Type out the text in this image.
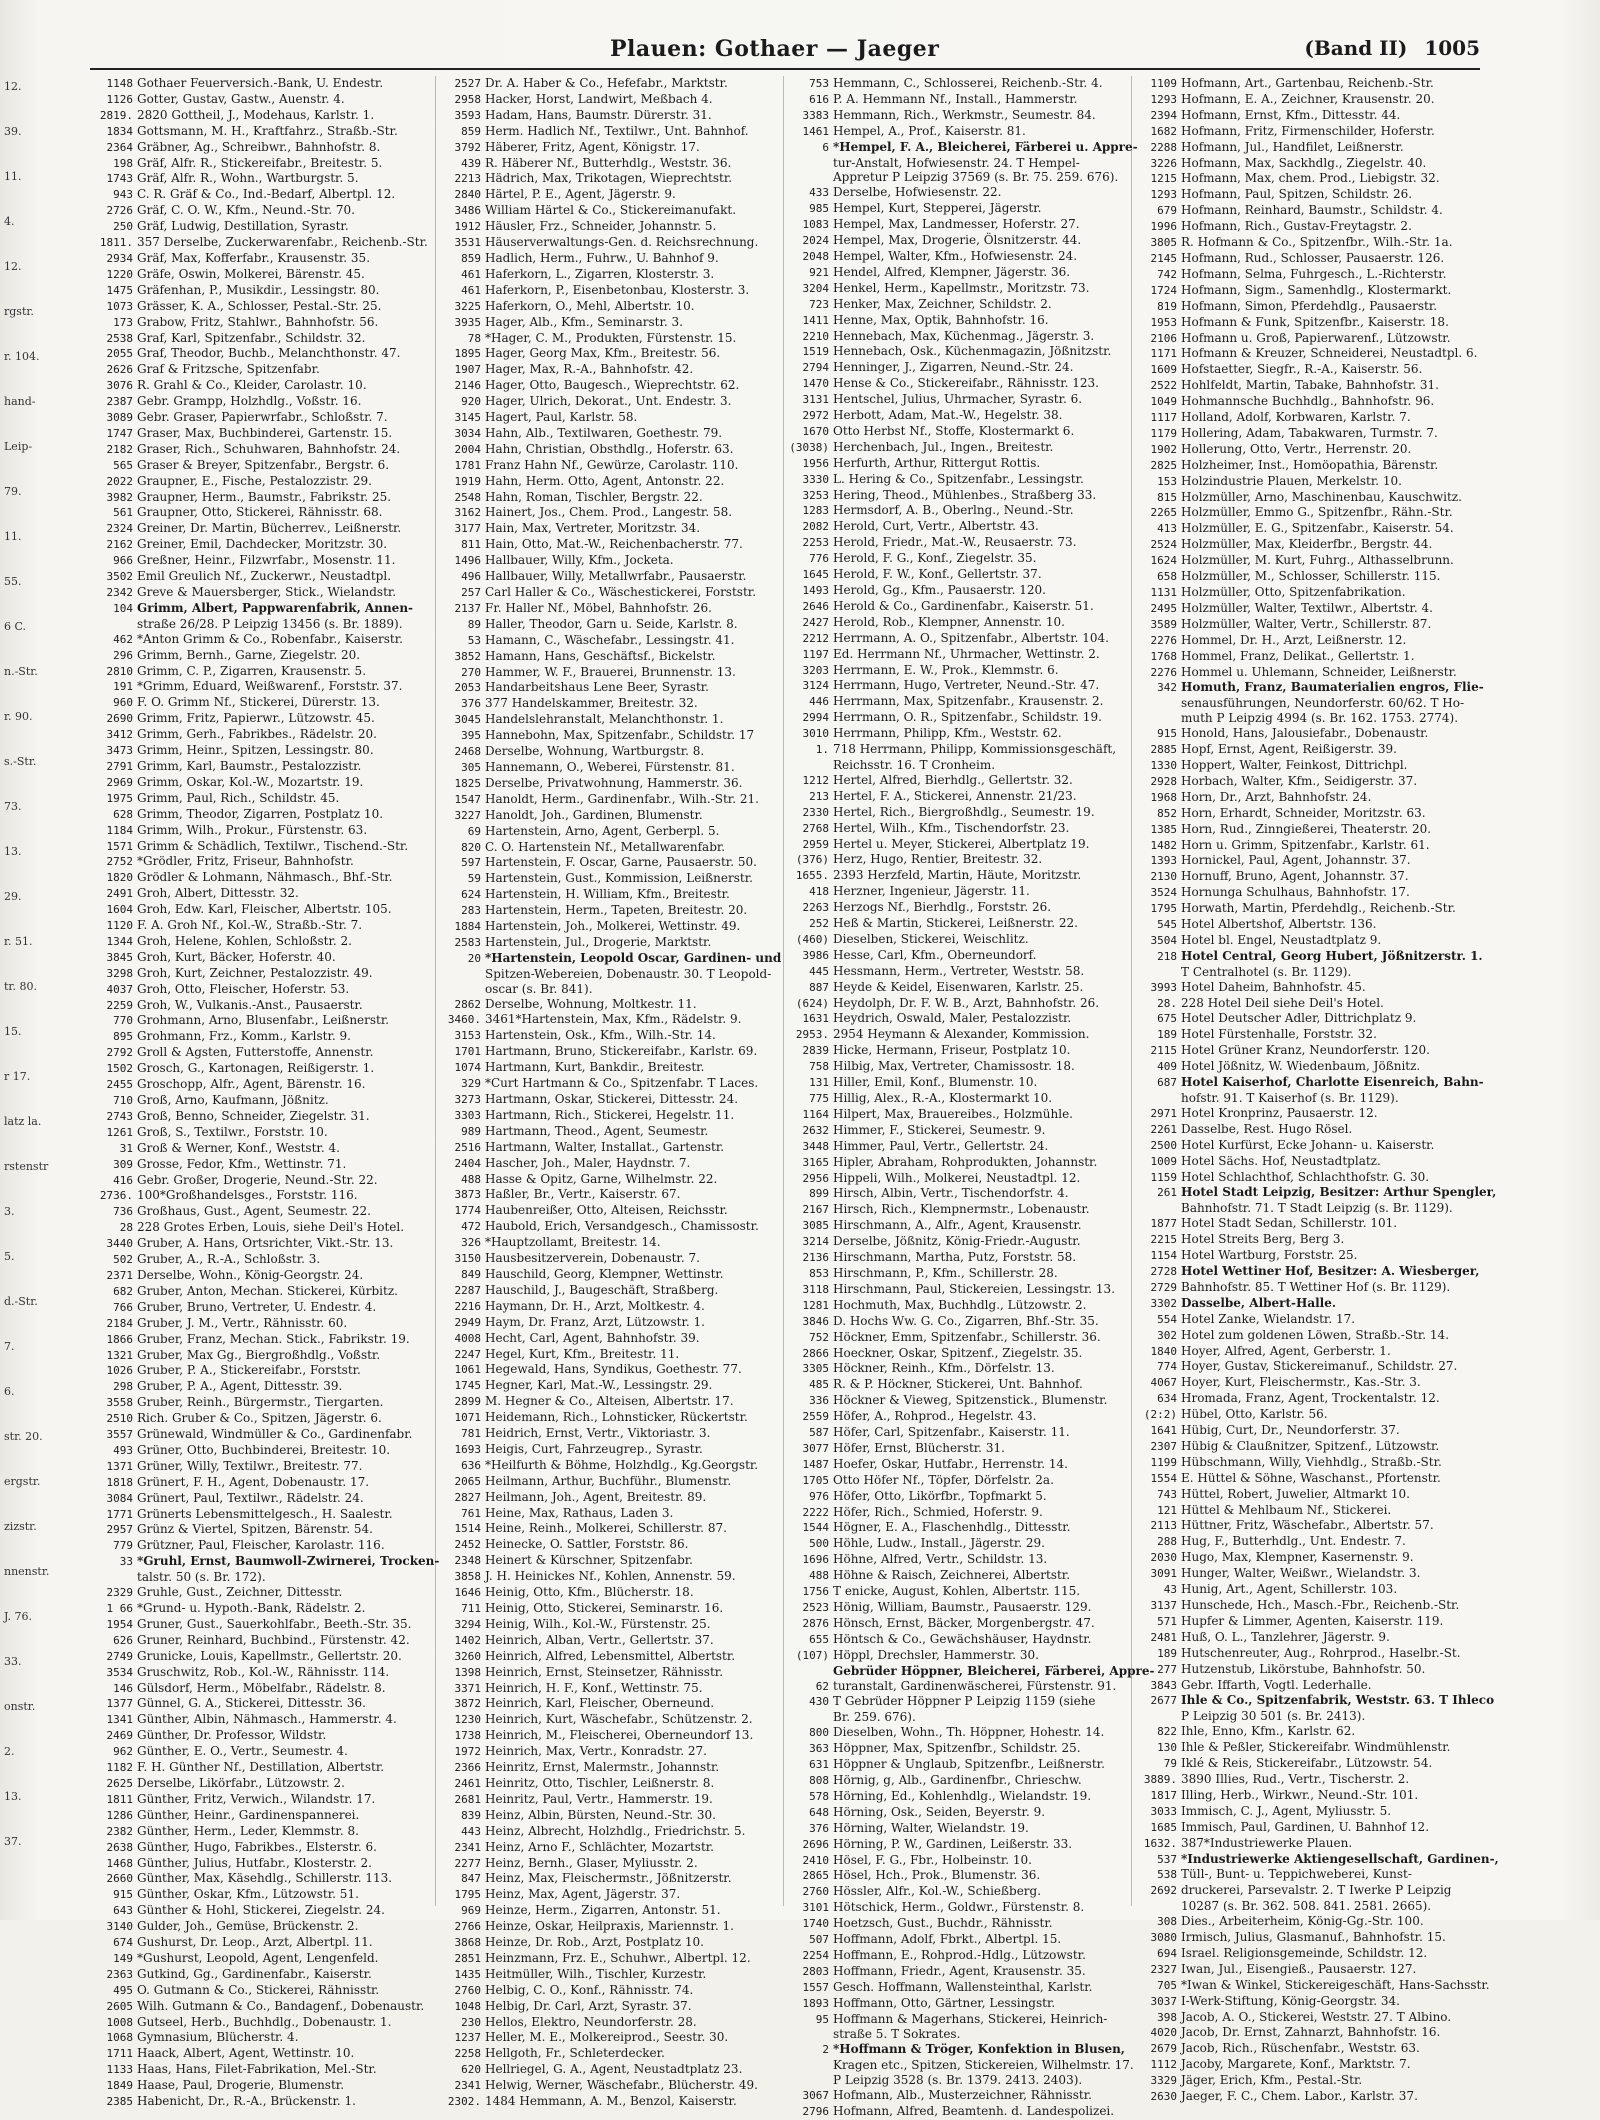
Plauen: Gothaer — Jaeger	(Band II) 1005
12.
39.
11.
4.
12.
rgstr.
r. 104.
hand-
Leip-
79.
11.
55.
6 C.
n.-Str.
r. 90.
s.-Str.
73.
13.
29.
r. 51.
tr. 80.
15.
r 17.
latz la.
rstenstr
3.
5.
d.-Str.
7.
6.
str. 20.
ergstr.
zizstr.
nnenstr.
J. 76.
33.
onstr.
2.
13.
37.
1148 Gothaer Feuerversich.-Bank, U. Endestr.
1126 Gotter, Gustav, Gastw., Auenstr. 4.
2819. 2820 Gottheil, J., Modehaus, Karlstr. 1.
1834 Gottsmann, M. H., Kraftfahrz., Straßb.-Str.
2364 Gräbner, Ag., Schreibwr., Bahnhofstr. 8.
198 Gräf, Alfr. R., Stickereifabr., Breitestr. 5.
1743 Gräf, Alfr. R., Wohn., Wartburgstr. 5.
943 C. R. Gräf & Co., Ind.-Bedarf, Albertpl. 12.
2726 Gräf, C. O. W., Kfm., Neund.-Str. 70.
250 Gräf, Ludwig, Destillation, Syrastr.
1811. 357 Derselbe, Zuckerwarenfabr., Reichenb.-Str.
2934 Gräf, Max, Kofferfabr., Krausenstr. 35.
1220 Gräfe, Oswin, Molkerei, Bärenstr. 45.
1475 Gräfenhan, P., Musikdir., Lessingstr. 80.
1073 Grässer, K. A., Schlosser, Pestal.-Str. 25.
173 Grabow, Fritz, Stahlwr., Bahnhofstr. 56.
2538 Graf, Karl, Spitzenfabr., Schildstr. 32.
2055 Graf, Theodor, Buchb., Melanchthonstr. 47.
2626 Graf & Fritzsche, Spitzenfabr.
3076 R. Grahl & Co., Kleider, Carolastr. 10.
2387 Gebr. Grampp, Holzhdlg., Voßstr. 16.
3089 Gebr. Graser, Papierwrfabr., Schloßstr. 7.
1747 Graser, Max, Buchbinderei, Gartenstr. 15.
2182 Graser, Rich., Schuhwaren, Bahnhofstr. 24.
565 Graser & Breyer, Spitzenfabr., Bergstr. 6.
2022 Graupner, E., Fische, Pestalozzistr. 29.
3982 Graupner, Herm., Baumstr., Fabrikstr. 25.
561 Graupner, Otto, Stickerei, Rähnisstr. 68.
2324 Greiner, Dr. Martin, Bücherrev., Leißnerstr.
2162 Greiner, Emil, Dachdecker, Moritzstr. 30.
966 Greßner, Heinr., Filzwrfabr., Mosenstr. 11.
3502 Emil Greulich Nf., Zuckerwr., Neustadtpl.
2342 Greve & Mauersberger, Stick., Wielandstr.
104 Grimm, Albert, Pappwarenfabrik, Annen-
straße 26/28. P Leipzig 13456 (s. Br. 1889).
462 *Anton Grimm & Co., Robenfabr., Kaiserstr.
296 Grimm, Bernh., Garne, Ziegelstr. 20.
2810 Grimm, C. P., Zigarren, Krausenstr. 5.
191 *Grimm, Eduard, Weißwarenf., Forststr. 37.
960 F. O. Grimm Nf., Stickerei, Dürerstr. 13.
2690 Grimm, Fritz, Papierwr., Lützowstr. 45.
3412 Grimm, Gerh., Fabrikbes., Rädelstr. 20.
3473 Grimm, Heinr., Spitzen, Lessingstr. 80.
2791 Grimm, Karl, Baumstr., Pestalozzistr.
2969 Grimm, Oskar, Kol.-W., Mozartstr. 19.
1975 Grimm, Paul, Rich., Schildstr. 45.
628 Grimm, Theodor, Zigarren, Postplatz 10.
1184 Grimm, Wilh., Prokur., Fürstenstr. 63.
1571 Grimm & Schädlich, Textilwr., Tischend.-Str.
2752 *Grödler, Fritz, Friseur, Bahnhofstr.
1820 Grödler & Lohmann, Nähmasch., Bhf.-Str.
2491 Groh, Albert, Dittesstr. 32.
1604 Groh, Edw. Karl, Fleischer, Albertstr. 105.
1120 F. A. Groh Nf., Kol.-W., Straßb.-Str. 7.
1344 Groh, Helene, Kohlen, Schloßstr. 2.
3845 Groh, Kurt, Bäcker, Hoferstr. 40.
3298 Groh, Kurt, Zeichner, Pestalozzistr. 49.
4037 Groh, Otto, Fleischer, Hoferstr. 53.
2259 Groh, W., Vulkanis.-Anst., Pausaerstr.
770 Grohmann, Arno, Blusenfabr., Leißnerstr.
895 Grohmann, Frz., Komm., Karlstr. 9.
2792 Groll & Agsten, Futterstoffe, Annenstr.
1502 Grosch, G., Kartonagen, Reißigerstr. 1.
2455 Groschopp, Alfr., Agent, Bärenstr. 16.
710 Groß, Arno, Kaufmann, Jößnitz.
2743 Groß, Benno, Schneider, Ziegelstr. 31.
1261 Groß, S., Textilwr., Forststr. 10.
31 Groß & Werner, Konf., Weststr. 4.
309 Grosse, Fedor, Kfm., Wettinstr. 71.
416 Gebr. Großer, Drogerie, Neund.-Str. 22.
2736. 100*Großhandelsges., Forststr. 116.
736 Großhaus, Gust., Agent, Seumestr. 22.
28 228 Grotes Erben, Louis, siehe Deil's Hotel.
3440 Gruber, A. Hans, Ortsrichter, Vikt.-Str. 13.
502 Gruber, A., R.-A., Schloßstr. 3.
2371 Derselbe, Wohn., König-Georgstr. 24.
682 Gruber, Anton, Mechan. Stickerei, Kürbitz.
766 Gruber, Bruno, Vertreter, U. Endestr. 4.
2184 Gruber, J. M., Vertr., Rähnisstr. 60.
1866 Gruber, Franz, Mechan. Stick., Fabrikstr. 19.
1321 Gruber, Max Gg., Biergroßhdlg., Voßstr.
1026 Gruber, P. A., Stickereifabr., Forststr.
298 Gruber, P. A., Agent, Dittesstr. 39.
3558 Gruber, Reinh., Bürgermstr., Tiergarten.
2510 Rich. Gruber & Co., Spitzen, Jägerstr. 6.
3557 Grünewald, Windmüller & Co., Gardinenfabr.
493 Grüner, Otto, Buchbinderei, Breitestr. 10.
1371 Grüner, Willy, Textilwr., Breitestr. 77.
1818 Grünert, F. H., Agent, Dobenaustr. 17.
3084 Grünert, Paul, Textilwr., Rädelstr. 24.
1771 Grünerts Lebensmittelgesch., H. Saalestr.
2957 Grünz & Viertel, Spitzen, Bärenstr. 54.
779 Grützner, Paul, Fleischer, Karolastr. 116.
33 *Gruhl, Ernst, Baumwoll-Zwirnerei, Trocken-
talstr. 50 (s. Br. 172).
2329 Gruhle, Gust., Zeichner, Dittesstr.
1 66 *Grund- u. Hypoth.-Bank, Rädelstr. 2.
1954 Gruner, Gust., Sauerkohlfabr., Beeth.-Str. 35.
626 Gruner, Reinhard, Buchbind., Fürstenstr. 42.
2749 Grunicke, Louis, Kapellmstr., Gellertstr. 20.
3534 Gruschwitz, Rob., Kol.-W., Rähnisstr. 114.
146 Gülsdorf, Herm., Möbelfabr., Rädelstr. 8.
1377 Günnel, G. A., Stickerei, Dittesstr. 36.
1341 Günther, Albin, Nähmasch., Hammerstr. 4.
2469 Günther, Dr. Professor, Wildstr.
962 Günther, E. O., Vertr., Seumestr. 4.
1182 F. H. Günther Nf., Destillation, Albertstr.
2625 Derselbe, Likörfabr., Lützowstr. 2.
1811 Günther, Fritz, Verwich., Wilandstr. 17.
1286 Günther, Heinr., Gardinenspannerei.
2382 Günther, Herm., Leder, Klemmstr. 8.
2638 Günther, Hugo, Fabrikbes., Elsterstr. 6.
1468 Günther, Julius, Hutfabr., Klosterstr. 2.
2660 Günther, Max, Käsehdlg., Schillerstr. 113.
915 Günther, Oskar, Kfm., Lützowstr. 51.
643 Günther & Hohl, Stickerei, Ziegelstr. 24.
3140 Gulder, Joh., Gemüse, Brückenstr. 2.
674 Gushurst, Dr. Leop., Arzt, Albertpl. 11.
149 *Gushurst, Leopold, Agent, Lengenfeld.
2363 Gutkind, Gg., Gardinenfabr., Kaiserstr.
495 O. Gutmann & Co., Stickerei, Rähnisstr.
2605 Wilh. Gutmann & Co., Bandagenf., Dobenaustr.
1008 Gutseel, Herb., Buchhdlg., Dobenaustr. 1.
1068 Gymnasium, Blücherstr. 4.
1711 Haack, Albert, Agent, Wettinstr. 10.
1133 Haas, Hans, Filet-Fabrikation, Mel.-Str.
1849 Haase, Paul, Drogerie, Blumenstr.
2385 Habenicht, Dr., R.-A., Brückenstr. 1.
2527 Dr. A. Haber & Co., Hefefabr., Marktstr.
2958 Hacker, Horst, Landwirt, Meßbach 4.
3593 Hadam, Hans, Baumstr. Dürerstr. 31.
859 Herm. Hadlich Nf., Textilwr., Unt. Bahnhof.
3792 Häberer, Fritz, Agent, Königstr. 17.
439 R. Häberer Nf., Butterhdlg., Weststr. 36.
2213 Hädrich, Max, Trikotagen, Wieprechtstr.
2840 Härtel, P. E., Agent, Jägerstr. 9.
3486 William Härtel & Co., Stickereimanufakt.
1912 Häusler, Frz., Schneider, Johannstr. 5.
3531 Häuserverwaltungs-Gen. d. Reichsrechnung.
859 Hadlich, Herm., Fuhrw., U. Bahnhof 9.
461 Haferkorn, L., Zigarren, Klosterstr. 3.
461 Haferkorn, P., Eisenbetonbau, Klosterstr. 3.
3225 Haferkorn, O., Mehl, Albertstr. 10.
3935 Hager, Alb., Kfm., Seminarstr. 3.
78 *Hager, C. M., Produkten, Fürstenstr. 15.
1895 Hager, Georg Max, Kfm., Breitestr. 56.
1907 Hager, Max, R.-A., Bahnhofstr. 42.
2146 Hager, Otto, Baugesch., Wieprechtstr. 62.
920 Hager, Ulrich, Dekorat., Unt. Endestr. 3.
3145 Hagert, Paul, Karlstr. 58.
3034 Hahn, Alb., Textilwaren, Goethestr. 79.
2004 Hahn, Christian, Obsthdlg., Hoferstr. 63.
1781 Franz Hahn Nf., Gewürze, Carolastr. 110.
1919 Hahn, Herm. Otto, Agent, Antonstr. 22.
2548 Hahn, Roman, Tischler, Bergstr. 22.
3162 Hainert, Jos., Chem. Prod., Langestr. 58.
3177 Hain, Max, Vertreter, Moritzstr. 34.
811 Hain, Otto, Mat.-W., Reichenbacherstr. 77.
1496 Hallbauer, Willy, Kfm., Jocketa.
496 Hallbauer, Willy, Metallwrfabr., Pausaerstr.
257 Carl Haller & Co., Wäschestickerei, Forststr.
2137 Fr. Haller Nf., Möbel, Bahnhofstr. 26.
89 Haller, Theodor, Garn u. Seide, Karlstr. 8.
53 Hamann, C., Wäschefabr., Lessingstr. 41.
3852 Hamann, Hans, Geschäftsf., Bickelstr.
270 Hammer, W. F., Brauerei, Brunnenstr. 13.
2053 Handarbeitshaus Lene Beer, Syrastr.
376 377 Handelskammer, Breitestr. 32.
3045 Handelslehranstalt, Melanchthonstr. 1.
395 Hannebohn, Max, Spitzenfabr., Schildstr. 17
2468 Derselbe, Wohnung, Wartburgstr. 8.
305 Hannemann, O., Weberei, Fürstenstr. 81.
1825 Derselbe, Privatwohnung, Hammerstr. 36.
1547 Hanoldt, Herm., Gardinenfabr., Wilh.-Str. 21.
3227 Hanoldt, Joh., Gardinen, Blumenstr.
69 Hartenstein, Arno, Agent, Gerberpl. 5.
820 C. O. Hartenstein Nf., Metallwarenfabr.
597 Hartenstein, F. Oscar, Garne, Pausaerstr. 50.
59 Hartenstein, Gust., Kommission, Leißnerstr.
624 Hartenstein, H. William, Kfm., Breitestr.
283 Hartenstein, Herm., Tapeten, Breitestr. 20.
1884 Hartenstein, Joh., Molkerei, Wettinstr. 49.
2583 Hartenstein, Jul., Drogerie, Marktstr.
20 *Hartenstein, Leopold Oscar, Gardinen- und
Spitzen-Webereien, Dobenaustr. 30. T Leopold-
oscar (s. Br. 841).
2862 Derselbe, Wohnung, Moltkestr. 11.
3460. 3461*Hartenstein, Max, Kfm., Rädelstr. 9.
3153 Hartenstein, Osk., Kfm., Wilh.-Str. 14.
1701 Hartmann, Bruno, Stickereifabr., Karlstr. 69.
1074 Hartmann, Kurt, Bankdir., Breitestr.
329 *Curt Hartmann & Co., Spitzenfabr. T Laces.
3273 Hartmann, Oskar, Stickerei, Dittesstr. 24.
3303 Hartmann, Rich., Stickerei, Hegelstr. 11.
989 Hartmann, Theod., Agent, Seumestr.
2516 Hartmann, Walter, Installat., Gartenstr.
2404 Hascher, Joh., Maler, Haydnstr. 7.
488 Hasse & Opitz, Garne, Wilhelmstr. 22.
3873 Haßler, Br., Vertr., Kaiserstr. 67.
1774 Haubenreißer, Otto, Alteisen, Reichsstr.
472 Haubold, Erich, Versandgesch., Chamissostr.
326 *Hauptzollamt, Breitestr. 14.
3150 Hausbesitzerverein, Dobenaustr. 7.
849 Hauschild, Georg, Klempner, Wettinstr.
2287 Hauschild, J., Baugeschäft, Straßberg.
2216 Haymann, Dr. H., Arzt, Moltkestr. 4.
2949 Haym, Dr. Franz, Arzt, Lützowstr. 1.
4008 Hecht, Carl, Agent, Bahnhofstr. 39.
2247 Hegel, Kurt, Kfm., Breitestr. 11.
1061 Hegewald, Hans, Syndikus, Goethestr. 77.
1745 Hegner, Karl, Mat.-W., Lessingstr. 29.
2899 M. Hegner & Co., Alteisen, Albertstr. 17.
1071 Heidemann, Rich., Lohnsticker, Rückertstr.
781 Heidrich, Ernst, Vertr., Viktoriastr. 3.
1693 Heigis, Curt, Fahrzeugrep., Syrastr.
636 *Heilfurth & Böhme, Holzhdlg., Kg.Georgstr.
2065 Heilmann, Arthur, Buchführ., Blumenstr.
2827 Heilmann, Joh., Agent, Breitestr. 89.
761 Heine, Max, Rathaus, Laden 3.
1514 Heine, Reinh., Molkerei, Schillerstr. 87.
2452 Heinecke, O. Sattler, Forststr. 86.
2348 Heinert & Kürschner, Spitzenfabr.
3858 J. H. Heinickes Nf., Kohlen, Annenstr. 59.
1646 Heinig, Otto, Kfm., Blücherstr. 18.
711 Heinig, Otto, Stickerei, Seminarstr. 16.
3294 Heinig, Wilh., Kol.-W., Fürstenstr. 25.
1402 Heinrich, Alban, Vertr., Gellertstr. 37.
3260 Heinrich, Alfred, Lebensmittel, Albertstr.
1398 Heinrich, Ernst, Steinsetzer, Rähnisstr.
3371 Heinrich, H. F., Konf., Wettinstr. 75.
3872 Heinrich, Karl, Fleischer, Oberneund.
1230 Heinrich, Kurt, Wäschefabr., Schützenstr. 2.
1738 Heinrich, M., Fleischerei, Oberneundorf 13.
1972 Heinrich, Max, Vertr., Konradstr. 27.
2366 Heinritz, Ernst, Malermstr., Johannstr.
2461 Heinritz, Otto, Tischler, Leißnerstr. 8.
2681 Heinritz, Paul, Vertr., Hammerstr. 19.
839 Heinz, Albin, Bürsten, Neund.-Str. 30.
443 Heinz, Albrecht, Holzhdlg., Friedrichstr. 5.
2341 Heinz, Arno F., Schlächter, Mozartstr.
2277 Heinz, Bernh., Glaser, Myliusstr. 2.
847 Heinz, Max, Fleischermstr., Jößnitzerstr.
1795 Heinz, Max, Agent, Jägerstr. 37.
969 Heinze, Herm., Zigarren, Antonstr. 51.
2766 Heinze, Oskar, Heilpraxis, Mariennstr. 1.
3868 Heinze, Dr. Rob., Arzt, Postplatz 10.
2851 Heinzmann, Frz. E., Schuhwr., Albertpl. 12.
1435 Heitmüller, Wilh., Tischler, Kurzestr.
2760 Helbig, C. O., Konf., Rähnisstr. 74.
1048 Helbig, Dr. Carl, Arzt, Syrastr. 37.
230 Hellos, Elektro, Neundorferstr. 28.
1237 Heller, M. E., Molkereiprod., Seestr. 30.
2258 Hellgoth, Fr., Schleterdecker.
620 Hellriegel, G. A., Agent, Neustadtplatz 23.
2341 Helwig, Werner, Wäschefabr., Blücherstr. 49.
2302. 1484 Hemmann, A. M., Benzol, Kaiserstr.
753 Hemmann, C., Schlosserei, Reichenb.-Str. 4.
616 P. A. Hemmann Nf., Install., Hammerstr.
3383 Hemmann, Rich., Werkmstr., Seumestr. 84.
1461 Hempel, A., Prof., Kaiserstr. 81.
6 *Hempel, F. A., Bleicherei, Färberei u. Appre-
tur-Anstalt, Hofwiesenstr. 24. T Hempel-
Appretur P Leipzig 37569 (s. Br. 75. 259. 676).
433 Derselbe, Hofwiesenstr. 22.
985 Hempel, Kurt, Stepperei, Jägerstr.
1083 Hempel, Max, Landmesser, Hoferstr. 27.
2024 Hempel, Max, Drogerie, Ölsnitzerstr. 44.
2048 Hempel, Walter, Kfm., Hofwiesenstr. 24.
921 Hendel, Alfred, Klempner, Jägerstr. 36.
3204 Henkel, Herm., Kapellmstr., Moritzstr. 73.
723 Henker, Max, Zeichner, Schildstr. 2.
1411 Henne, Max, Optik, Bahnhofstr. 16.
2210 Hennebach, Max, Küchenmag., Jägerstr. 3.
1519 Hennebach, Osk., Küchenmagazin, Jößnitzstr.
2794 Henninger, J., Zigarren, Neund.-Str. 24.
1470 Hense & Co., Stickereifabr., Rähnisstr. 123.
3131 Hentschel, Julius, Uhrmacher, Syrastr. 6.
2972 Herbott, Adam, Mat.-W., Hegelstr. 38.
1670 Otto Herbst Nf., Stoffe, Klostermarkt 6.
(3038) Herchenbach, Jul., Ingen., Breitestr.
1956 Herfurth, Arthur, Rittergut Rottis.
3330 L. Hering & Co., Spitzenfabr., Lessingstr.
3253 Hering, Theod., Mühlenbes., Straßberg 33.
1283 Hermsdorf, A. B., Oberlng., Neund.-Str.
2082 Herold, Curt, Vertr., Albertstr. 43.
2253 Herold, Friedr., Mat.-W., Reusaerstr. 73.
776 Herold, F. G., Konf., Ziegelstr. 35.
1645 Herold, F. W., Konf., Gellertstr. 37.
1493 Herold, Gg., Kfm., Pausaerstr. 120.
2646 Herold & Co., Gardinenfabr., Kaiserstr. 51.
2427 Herold, Rob., Klempner, Annenstr. 10.
2212 Herrmann, A. O., Spitzenfabr., Albertstr. 104.
1197 Ed. Herrmann Nf., Uhrmacher, Wettinstr. 2.
3203 Herrmann, E. W., Prok., Klemmstr. 6.
3124 Herrmann, Hugo, Vertreter, Neund.-Str. 47.
446 Herrmann, Max, Spitzenfabr., Krausenstr. 2.
2994 Herrmann, O. R., Spitzenfabr., Schildstr. 19.
3010 Herrmann, Philipp, Kfm., Weststr. 62.
1. 718 Herrmann, Philipp, Kommissionsgeschäft,
Reichsstr. 16. T Cronheim.
1212 Hertel, Alfred, Bierhdlg., Gellertstr. 32.
213 Hertel, F. A., Stickerei, Annenstr. 21/23.
2330 Hertel, Rich., Biergroßhdlg., Seumestr. 19.
2768 Hertel, Wilh., Kfm., Tischendorfstr. 23.
2959 Hertel u. Meyer, Stickerei, Albertplatz 19.
(376) Herz, Hugo, Rentier, Breitestr. 32.
1655. 2393 Herzfeld, Martin, Häute, Moritzstr.
418 Herzner, Ingenieur, Jägerstr. 11.
2263 Herzogs Nf., Bierhdlg., Forststr. 26.
252 Heß & Martin, Stickerei, Leißnerstr. 22.
(460) Dieselben, Stickerei, Weischlitz.
3986 Hesse, Carl, Kfm., Oberneundorf.
445 Hessmann, Herm., Vertreter, Weststr. 58.
887 Heyde & Keidel, Eisenwaren, Karlstr. 25.
(624) Heydolph, Dr. F. W. B., Arzt, Bahnhofstr. 26.
1631 Heydrich, Oswald, Maler, Pestalozzistr.
2953. 2954 Heymann & Alexander, Kommission.
2839 Hicke, Hermann, Friseur, Postplatz 10.
758 Hilbig, Max, Vertreter, Chamissostr. 18.
131 Hiller, Emil, Konf., Blumenstr. 10.
775 Hillig, Alex., R.-A., Klostermarkt 10.
1164 Hilpert, Max, Brauereibes., Holzmühle.
2632 Himmer, F., Stickerei, Seumestr. 9.
3448 Himmer, Paul, Vertr., Gellertstr. 24.
3165 Hipler, Abraham, Rohprodukten, Johannstr.
2956 Hippeli, Wilh., Molkerei, Neustadtpl. 12.
899 Hirsch, Albin, Vertr., Tischendorfstr. 4.
2167 Hirsch, Rich., Klempnermstr., Lobenaustr.
3085 Hirschmann, A., Alfr., Agent, Krausenstr.
3214 Derselbe, Jößnitz, König-Friedr.-Augustr.
2136 Hirschmann, Martha, Putz, Forststr. 58.
853 Hirschmann, P., Kfm., Schillerstr. 28.
3118 Hirschmann, Paul, Stickereien, Lessingstr. 13.
1281 Hochmuth, Max, Buchhdlg., Lützowstr. 2.
3846 D. Hochs Ww. G. Co., Zigarren, Bhf.-Str. 35.
752 Höckner, Emm, Spitzenfabr., Schillerstr. 36.
2866 Hoeckner, Oskar, Spitzenf., Ziegelstr. 35.
3305 Höckner, Reinh., Kfm., Dörfelstr. 13.
485 R. & P. Höckner, Stickerei, Unt. Bahnhof.
336 Höckner & Vieweg, Spitzenstick., Blumenstr.
2559 Höfer, A., Rohprod., Hegelstr. 43.
587 Höfer, Carl, Spitzenfabr., Kaiserstr. 11.
3077 Höfer, Ernst, Blücherstr. 31.
1487 Hoefer, Oskar, Hutfabr., Herrenstr. 14.
1705 Otto Höfer Nf., Töpfer, Dörfelstr. 2a.
976 Höfer, Otto, Likörfbr., Topfmarkt 5.
2222 Höfer, Rich., Schmied, Hoferstr. 9.
1544 Högner, E. A., Flaschenhdlg., Dittesstr.
500 Höhle, Ludw., Install., Jägerstr. 29.
1696 Höhne, Alfred, Vertr., Schildstr. 13.
488 Höhne & Raisch, Zeichnerei, Albertstr.
1756 T enicke, August, Kohlen, Albertstr. 115.
2523 Hönig, William, Baumstr., Pausaerstr. 129.
2876 Hönsch, Ernst, Bäcker, Morgenbergstr. 47.
655 Höntsch & Co., Gewächshäuser, Haydnstr.
(107) Höppl, Drechsler, Hammerstr. 30.
Gebrüder Höppner, Bleicherei, Färberei, Appre-
62 turanstalt, Gardinenwäscherei, Fürstenstr. 91.
430 T Gebrüder Höppner P Leipzig 1159 (siehe
Br. 259. 676).
800 Dieselben, Wohn., Th. Höppner, Hohestr. 14.
363 Höppner, Max, Spitzenfbr., Schildstr. 25.
631 Höppner & Unglaub, Spitzenfbr., Leißnerstr.
808 Hörnig, g, Alb., Gardinenfbr., Chrieschw.
578 Hörning, Ed., Kohlenhdlg., Wielandstr. 19.
648 Hörning, Osk., Seiden, Beyerstr. 9.
376 Hörning, Walter, Wielandstr. 19.
2696 Hörning, P. W., Gardinen, Leißerstr. 33.
2410 Hösel, F. G., Fbr., Holbeinstr. 10.
2865 Hösel, Hch., Prok., Blumenstr. 36.
2760 Hössler, Alfr., Kol.-W., Schießberg.
3101 Hötschick, Herm., Goldwr., Fürstenstr. 8.
1740 Hoetzsch, Gust., Buchdr., Rähnisstr.
507 Hoffmann, Adolf, Fbrkt., Albertpl. 15.
2254 Hoffmann, E., Rohprod.-Hdlg., Lützowstr.
2803 Hoffmann, Friedr., Agent, Krausenstr. 35.
1557 Gesch. Hoffmann, Wallensteinthal, Karlstr.
1893 Hoffmann, Otto, Gärtner, Lessingstr.
95 Hoffmann & Magerhans, Stickerei, Heinrich-
straße 5. T Sokrates.
2 *Hoffmann & Tröger, Konfektion in Blusen,
Kragen etc., Spitzen, Stickereien, Wilhelmstr. 17.
P Leipzig 3528 (s. Br. 1379. 2413. 2403).
3067 Hofmann, Alb., Musterzeichner, Rähnisstr.
2796 Hofmann, Alfred, Beamtenh. d. Landespolizei.
1109 Hofmann, Art., Gartenbau, Reichenb.-Str.
1293 Hofmann, E. A., Zeichner, Krausenstr. 20.
2394 Hofmann, Ernst, Kfm., Dittesstr. 44.
1682 Hofmann, Fritz, Firmenschilder, Hoferstr.
2288 Hofmann, Jul., Handfilet, Leißnerstr.
3226 Hofmann, Max, Sackhdlg., Ziegelstr. 40.
1215 Hofmann, Max, chem. Prod., Liebigstr. 32.
1293 Hofmann, Paul, Spitzen, Schildstr. 26.
679 Hofmann, Reinhard, Baumstr., Schildstr. 4.
1996 Hofmann, Rich., Gustav-Freytagstr. 2.
3805 R. Hofmann & Co., Spitzenfbr., Wilh.-Str. 1a.
2145 Hofmann, Rud., Schlosser, Pausaerstr. 126.
742 Hofmann, Selma, Fuhrgesch., L.-Richterstr.
1724 Hofmann, Sigm., Samenhdlg., Klostermarkt.
819 Hofmann, Simon, Pferdehdlg., Pausaerstr.
1953 Hofmann & Funk, Spitzenfbr., Kaiserstr. 18.
2106 Hofmann u. Groß, Papierwarenf., Lützowstr.
1171 Hofmann & Kreuzer, Schneiderei, Neustadtpl. 6.
1609 Hofstaetter, Siegfr., R.-A., Kaiserstr. 56.
2522 Hohlfeldt, Martin, Tabake, Bahnhofstr. 31.
1049 Hohmannsche Buchhdlg., Bahnhofstr. 96.
1117 Holland, Adolf, Korbwaren, Karlstr. 7.
1179 Hollering, Adam, Tabakwaren, Turmstr. 7.
1902 Hollerung, Otto, Vertr., Herrenstr. 20.
2825 Holzheimer, Inst., Homöopathia, Bärenstr.
153 Holzindustrie Plauen, Merkelstr. 10.
815 Holzmüller, Arno, Maschinenbau, Kauschwitz.
2265 Holzmüller, Emmo G., Spitzenfbr., Rähn.-Str.
413 Holzmüller, E. G., Spitzenfabr., Kaiserstr. 54.
2524 Holzmüller, Max, Kleiderfbr., Bergstr. 44.
1624 Holzmüller, M. Kurt, Fuhrg., Althasselbrunn.
658 Holzmüller, M., Schlosser, Schillerstr. 115.
1131 Holzmüller, Otto, Spitzenfabrikation.
2495 Holzmüller, Walter, Textilwr., Albertstr. 4.
3589 Holzmüller, Walter, Vertr., Schillerstr. 87.
2276 Hommel, Dr. H., Arzt, Leißnerstr. 12.
1768 Hommel, Franz, Delikat., Gellertstr. 1.
2276 Hommel u. Uhlemann, Schneider, Leißnerstr.
342 Homuth, Franz, Baumaterialien engros, Flie-
senausführungen, Neundorferstr. 60/62. T Ho-
muth P Leipzig 4994 (s. Br. 162. 1753. 2774).
915 Honold, Hans, Jalousiefabr., Dobenaustr.
2885 Hopf, Ernst, Agent, Reißigerstr. 39.
1330 Hoppert, Walter, Feinkost, Dittrichpl.
2928 Horbach, Walter, Kfm., Seidigerstr. 37.
1968 Horn, Dr., Arzt, Bahnhofstr. 24.
852 Horn, Erhardt, Schneider, Moritzstr. 63.
1385 Horn, Rud., Zinngießerei, Theaterstr. 20.
1482 Horn u. Grimm, Spitzenfabr., Karlstr. 61.
1393 Hornickel, Paul, Agent, Johannstr. 37.
2130 Hornuff, Bruno, Agent, Johannstr. 37.
3524 Hornunga Schulhaus, Bahnhofstr. 17.
1795 Horwath, Martin, Pferdehdlg., Reichenb.-Str.
545 Hotel Albertshof, Albertstr. 136.
3504 Hotel bl. Engel, Neustadtplatz 9.
218 Hotel Central, Georg Hubert, Jößnitzerstr. 1.
T Centralhotel (s. Br. 1129).
3993 Hotel Daheim, Bahnhofstr. 45.
28. 228 Hotel Deil siehe Deil's Hotel.
675 Hotel Deutscher Adler, Dittrichplatz 9.
189 Hotel Fürstenhalle, Forststr. 32.
2115 Hotel Grüner Kranz, Neundorferstr. 120.
409 Hotel Jößnitz, W. Wiedenbaum, Jößnitz.
687 Hotel Kaiserhof, Charlotte Eisenreich, Bahn-
hofstr. 91. T Kaiserhof (s. Br. 1129).
2971 Hotel Kronprinz, Pausaerstr. 12.
2261 Dasselbe, Rest. Hugo Rösel.
2500 Hotel Kurfürst, Ecke Johann- u. Kaiserstr.
1009 Hotel Sächs. Hof, Neustadtplatz.
1159 Hotel Schlachthof, Schlachthofstr. G. 30.
261 Hotel Stadt Leipzig, Besitzer: Arthur Spengler,
Bahnhofstr. 71. T Stadt Leipzig (s. Br. 1129).
1877 Hotel Stadt Sedan, Schillerstr. 101.
2215 Hotel Streits Berg, Berg 3.
1154 Hotel Wartburg, Forststr. 25.
2728 Hotel Wettiner Hof, Besitzer: A. Wiesberger,
2729 Bahnhofstr. 85. T Wettiner Hof (s. Br. 1129).
3302 Dasselbe, Albert-Halle.
554 Hotel Zanke, Wielandstr. 17.
302 Hotel zum goldenen Löwen, Straßb.-Str. 14.
1840 Hoyer, Alfred, Agent, Gerberstr. 1.
774 Hoyer, Gustav, Stickereimanuf., Schildstr. 27.
4067 Hoyer, Kurt, Fleischermstr., Kas.-Str. 3.
634 Hromada, Franz, Agent, Trockentalstr. 12.
(2:2) Hübel, Otto, Karlstr. 56.
1641 Hübig, Curt, Dr., Neundorferstr. 37.
2307 Hübig & Claußnitzer, Spitzenf., Lützowstr.
1199 Hübschmann, Willy, Viehhdlg., Straßb.-Str.
1554 E. Hüttel & Söhne, Waschanst., Pfortenstr.
743 Hüttel, Robert, Juwelier, Altmarkt 10.
121 Hüttel & Mehlbaum Nf., Stickerei.
2113 Hüttner, Fritz, Wäschefabr., Albertstr. 57.
288 Hug, F., Butterhdlg., Unt. Endestr. 7.
2030 Hugo, Max, Klempner, Kasernenstr. 9.
3091 Hunger, Walter, Weißwr., Wielandstr. 3.
43 Hunig, Art., Agent, Schillerstr. 103.
3137 Hunschede, Hch., Masch.-Fbr., Reichenb.-Str.
571 Hupfer & Limmer, Agenten, Kaiserstr. 119.
2481 Huß, O. L., Tanzlehrer, Jägerstr. 9.
189 Hutschenreuter, Aug., Rohrprod., Haselbr.-St.
277 Hutzenstub, Likörstube, Bahnhofstr. 50.
3843 Gebr. Iffarth, Vogtl. Lederhalle.
2677 Ihle & Co., Spitzenfabrik, Weststr. 63. T Ihleco
P Leipzig 30 501 (s. Br. 2413).
822 Ihle, Enno, Kfm., Karlstr. 62.
130 Ihle & Peßler, Stickereifabr. Windmühlenstr.
79 Iklé & Reis, Stickereifabr., Lützowstr. 54.
3889. 3890 Illies, Rud., Vertr., Tischerstr. 2.
1817 Illing, Herb., Wirkwr., Neund.-Str. 101.
3033 Immisch, C. J., Agent, Myliusstr. 5.
1685 Immisch, Paul, Gardinen, U. Bahnhof 12.
1632. 387*Industriewerke Plauen.
537 *Industriewerke Aktiengesellschaft, Gardinen-,
538 Tüll-, Bunt- u. Teppichweberei, Kunst-
2692 druckerei, Parsevalstr. 2. T Iwerke P Leipzig
10287 (s. Br. 362. 508. 841. 2581. 2665).
308 Dies., Arbeiterheim, König-Gg.-Str. 100.
3080 Irmisch, Julius, Glasmanuf., Bahnhofstr. 15.
694 Israel. Religionsgemeinde, Schildstr. 12.
2327 Iwan, Jul., Eisengieß., Pausaerstr. 127.
705 *Iwan & Winkel, Stickereigeschäft, Hans-Sachsstr.
3037 I-Werk-Stiftung, König-Georgstr. 34.
398 Jacob, A. O., Stickerei, Weststr. 27. T Albino.
4020 Jacob, Dr. Ernst, Zahnarzt, Bahnhofstr. 16.
2679 Jacob, Rich., Rüschenfabr., Weststr. 63.
1112 Jacoby, Margarete, Konf., Marktstr. 7.
3329 Jäger, Erich, Kfm., Pestal.-Str.
2630 Jaeger, F. C., Chem. Labor., Karlstr. 37.
